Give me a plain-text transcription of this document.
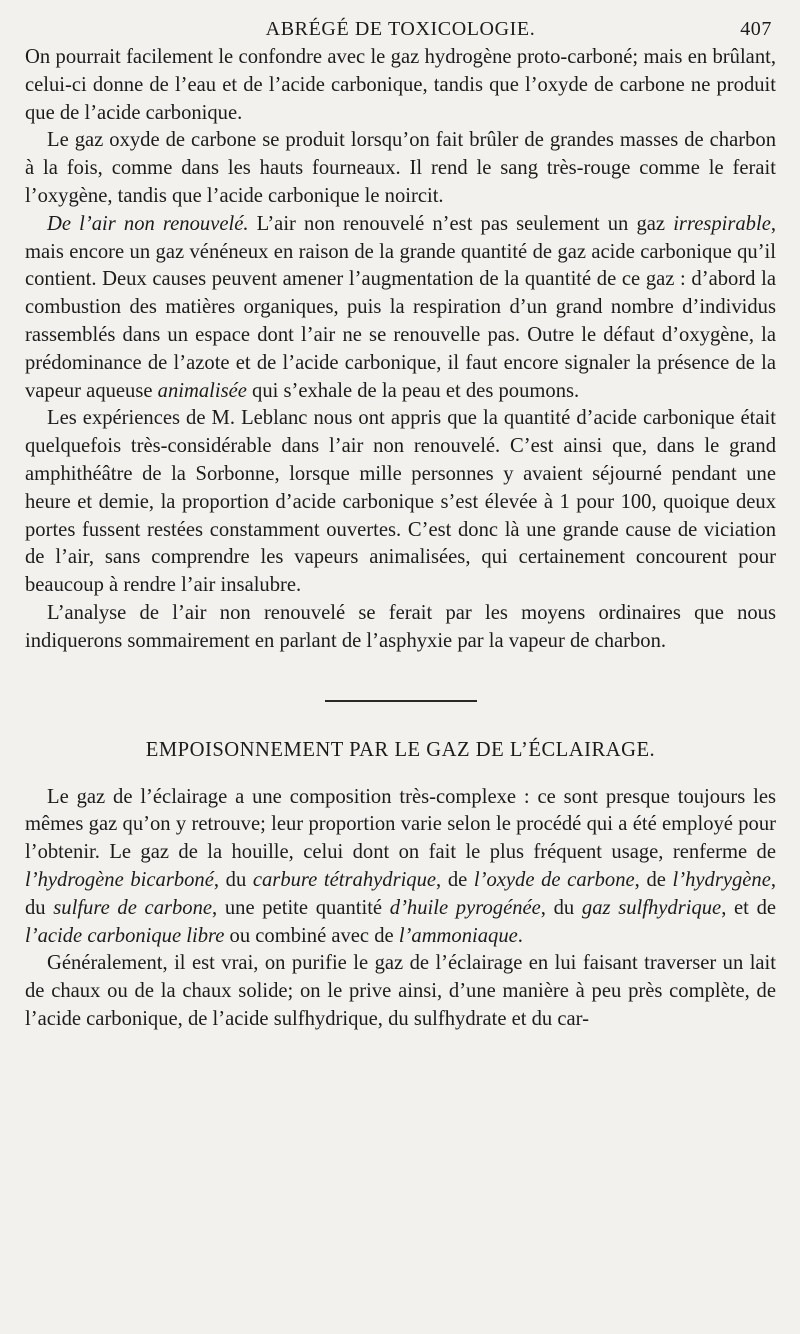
ABRÉGÉ DE TOXICOLOGIE.	407

On pourrait facilement le confondre avec le gaz hydrogène proto-carboné; mais en brûlant, celui-ci donne de l’eau et de l’acide carbonique, tandis que l’oxyde de carbone ne produit que de l’acide carbonique.

Le gaz oxyde de carbone se produit lorsqu’on fait brûler de grandes masses de charbon à la fois, comme dans les hauts fourneaux. Il rend le sang très-rouge comme le ferait l’oxygène, tandis que l’acide carbonique le noircit.

De l’air non renouvelé. L’air non renouvelé n’est pas seulement un gaz irrespirable, mais encore un gaz vénéneux en raison de la grande quantité de gaz acide carbonique qu’il contient. Deux causes peuvent amener l’augmentation de la quantité de ce gaz : d’abord la combustion des matières organiques, puis la respiration d’un grand nombre d’individus rassemblés dans un espace dont l’air ne se renouvelle pas. Outre le défaut d’oxygène, la prédominance de l’azote et de l’acide carbonique, il faut encore signaler la présence de la vapeur aqueuse animalisée qui s’exhale de la peau et des poumons.

Les expériences de M. Leblanc nous ont appris que la quantité d’acide carbonique était quelquefois très-considérable dans l’air non renouvelé. C’est ainsi que, dans le grand amphithéâtre de la Sorbonne, lorsque mille personnes y avaient séjourné pendant une heure et demie, la proportion d’acide carbonique s’est élevée à 1 pour 100, quoique deux portes fussent restées constamment ouvertes. C’est donc là une grande cause de viciation de l’air, sans comprendre les vapeurs animalisées, qui certainement concourent pour beaucoup à rendre l’air insalubre.

L’analyse de l’air non renouvelé se ferait par les moyens ordinaires que nous indiquerons sommairement en parlant de l’asphyxie par la vapeur de charbon.

EMPOISONNEMENT PAR LE GAZ DE L’ÉCLAIRAGE.

Le gaz de l’éclairage a une composition très-complexe : ce sont presque toujours les mêmes gaz qu’on y retrouve; leur proportion varie selon le procédé qui a été employé pour l’obtenir. Le gaz de la houille, celui dont on fait le plus fréquent usage, renferme de l’hydrogène bicarboné, du carbure tétrahydrique, de l’oxyde de carbone, de l’hydrygène, du sulfure de carbone, une petite quantité d’huile pyrogénée, du gaz sulfhydrique, et de l’acide carbonique libre ou combiné avec de l’ammoniaque.

Généralement, il est vrai, on purifie le gaz de l’éclairage en lui faisant traverser un lait de chaux ou de la chaux solide; on le prive ainsi, d’une manière à peu près complète, de l’acide carbonique, de l’acide sulfhydrique, du sulfhydrate et du car-
